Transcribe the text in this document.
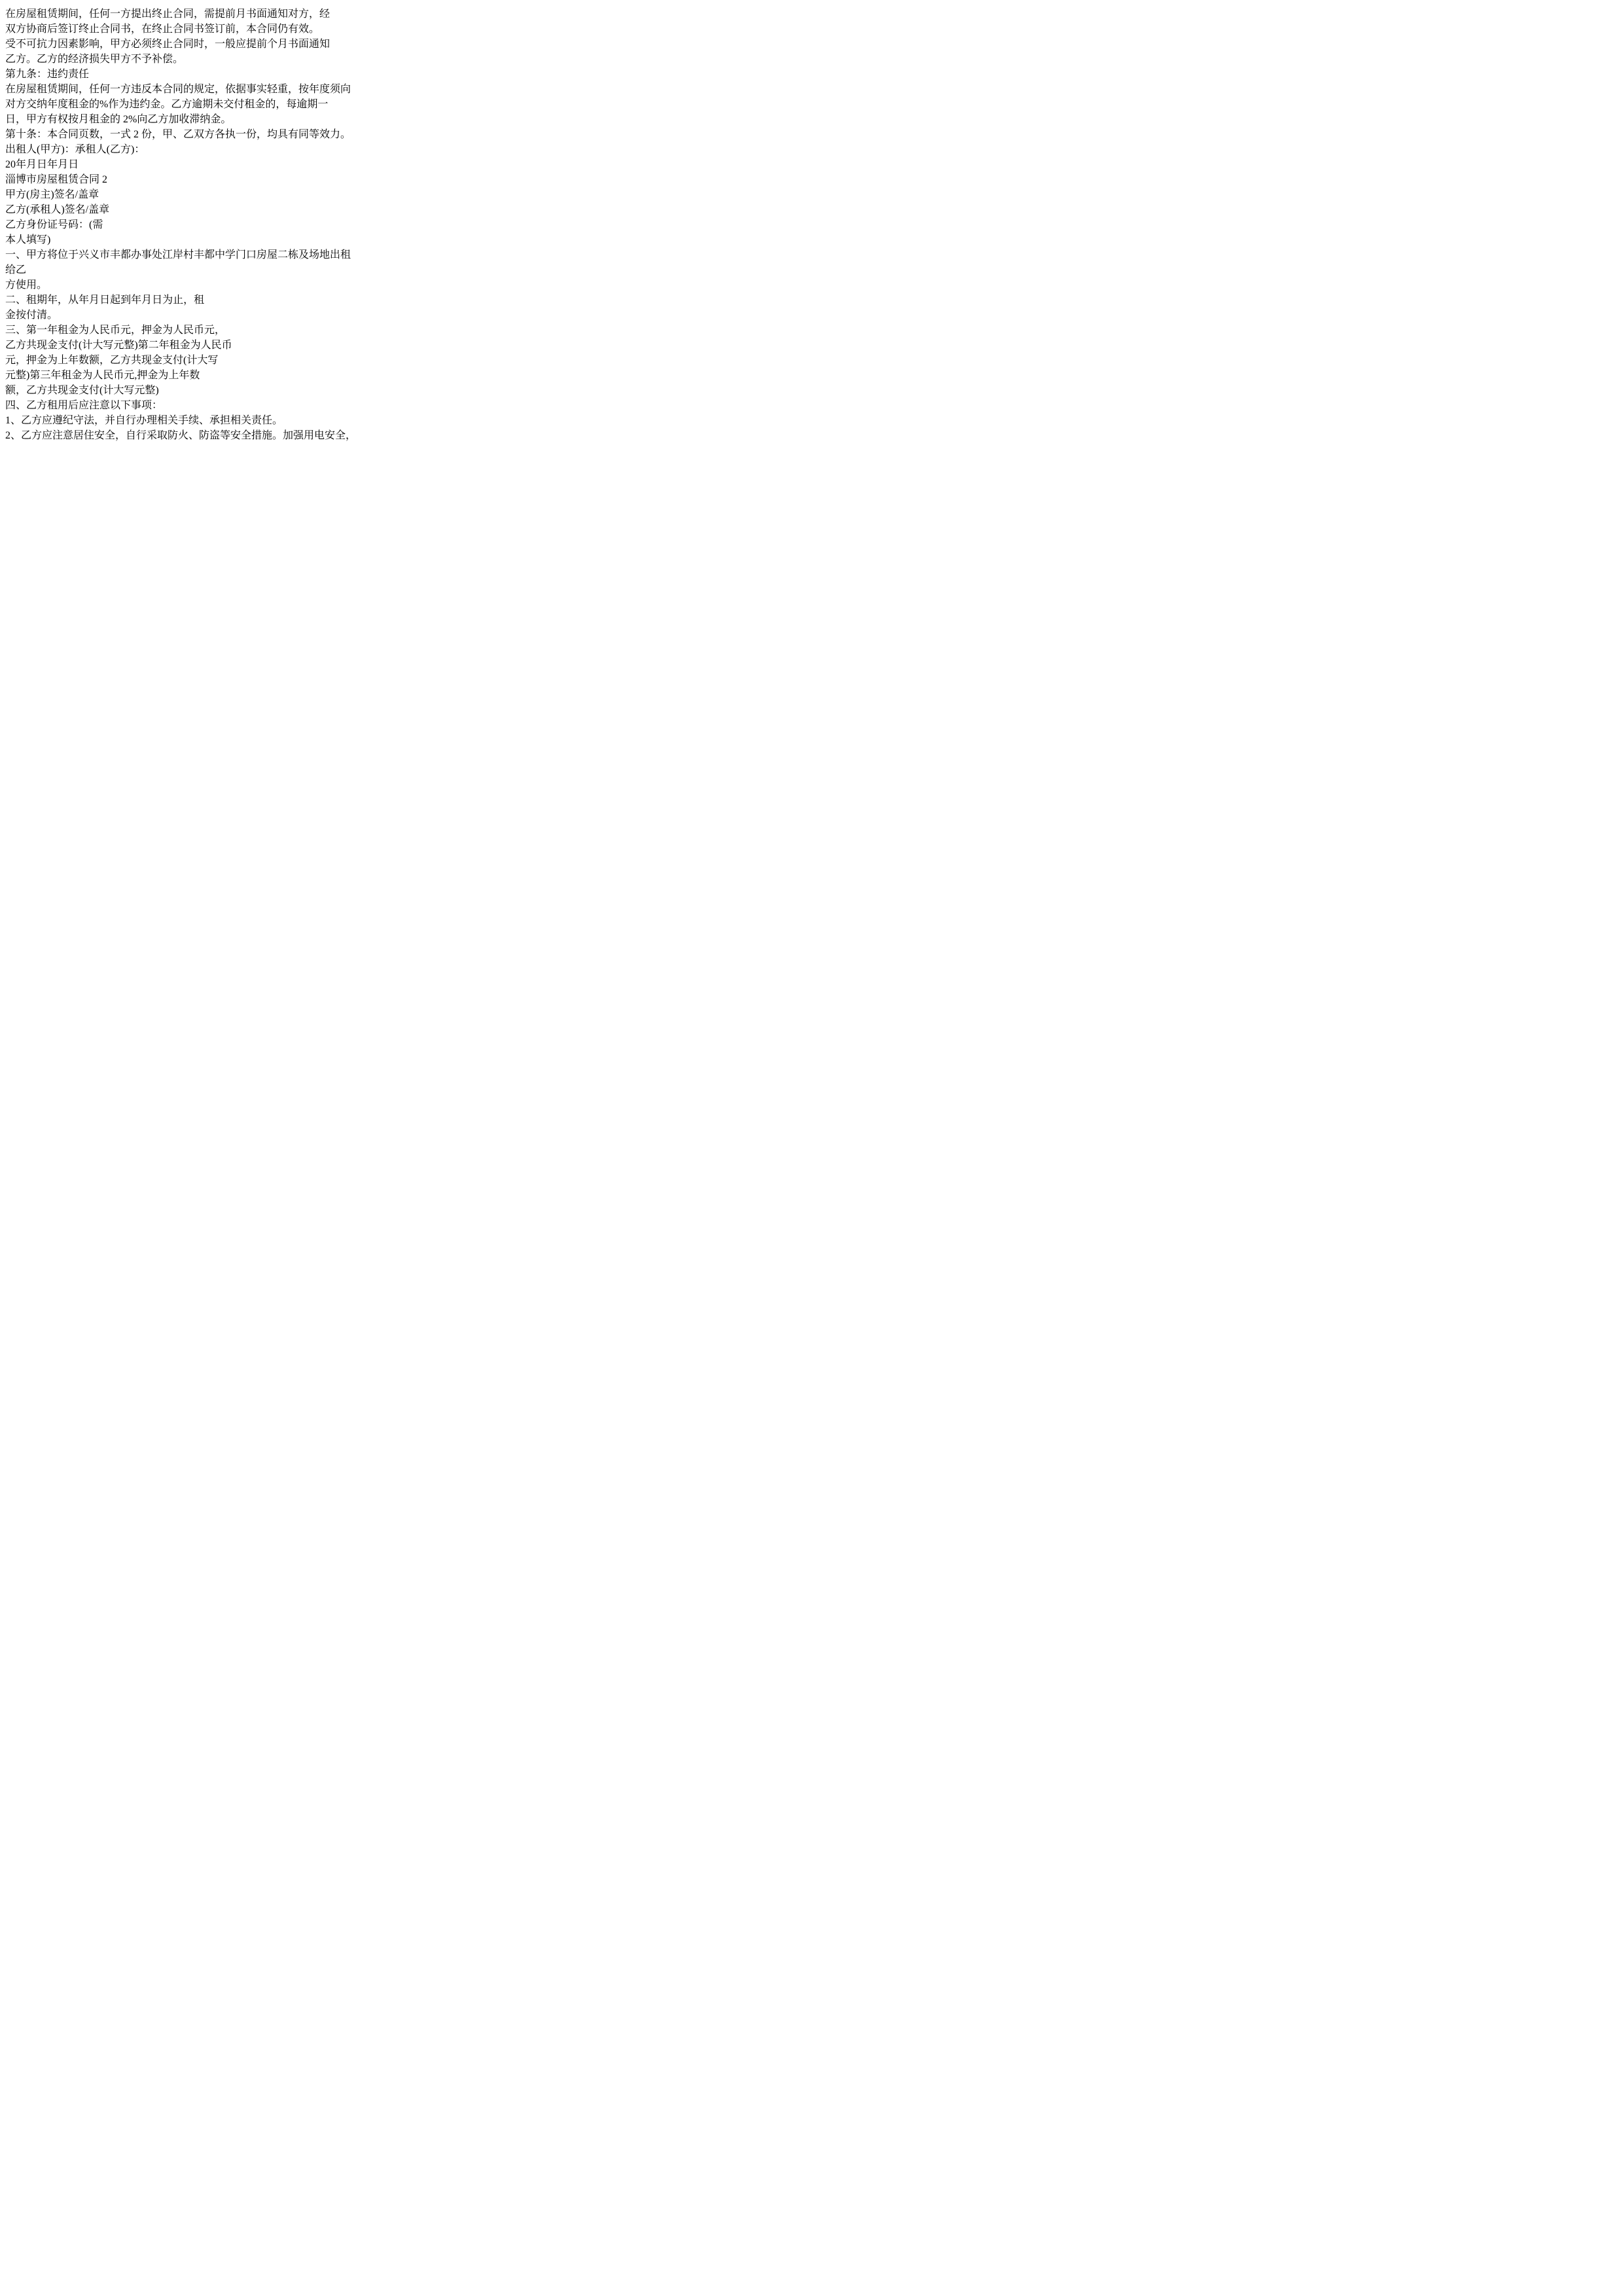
在房屋租赁期间，任何一方提出终止合同，需提前月书面通知对方，经
双方协商后签订终止合同书，在终止合同书签订前，本合同仍有效。
受不可抗力因素影响，甲方必须终止合同时，一般应提前个月书面通知
乙方。乙方的经济损失甲方不予补偿。
第九条：违约责任
在房屋租赁期间，任何一方违反本合同的规定，依据事实轻重，按年度须向
对方交纳年度租金的%作为违约金。乙方逾期未交付租金的，每逾期一
日，甲方有权按月租金的 2%向乙方加收滞纳金。
第十条：本合同页数，一式 2 份，甲、乙双方各执一份，均具有同等效力。
出租人(甲方)：承租人(乙方)：
20年月日年月日
淄博市房屋租赁合同 2
甲方(房主)签名/盖章
乙方(承租人)签名/盖章
乙方身份证号码：(需
本人填写)
一、甲方将位于兴义市丰都办事处江岸村丰都中学门口房屋二栋及场地出租
给乙
方使用。
二、租期年，从年月日起到年月日为止，租
金按付清。
三、第一年租金为人民币元，押金为人民币元，
乙方共现金支付(计大写元整)第二年租金为人民币
元，押金为上年数额，乙方共现金支付(计大写
元整)第三年租金为人民币元,押金为上年数
额，乙方共现金支付(计大写元整)
四、乙方租用后应注意以下事项：
1、乙方应遵纪守法，并自行办理相关手续、承担相关责任。
2、乙方应注意居住安全，自行采取防火、防盗等安全措施。加强用电安全，
